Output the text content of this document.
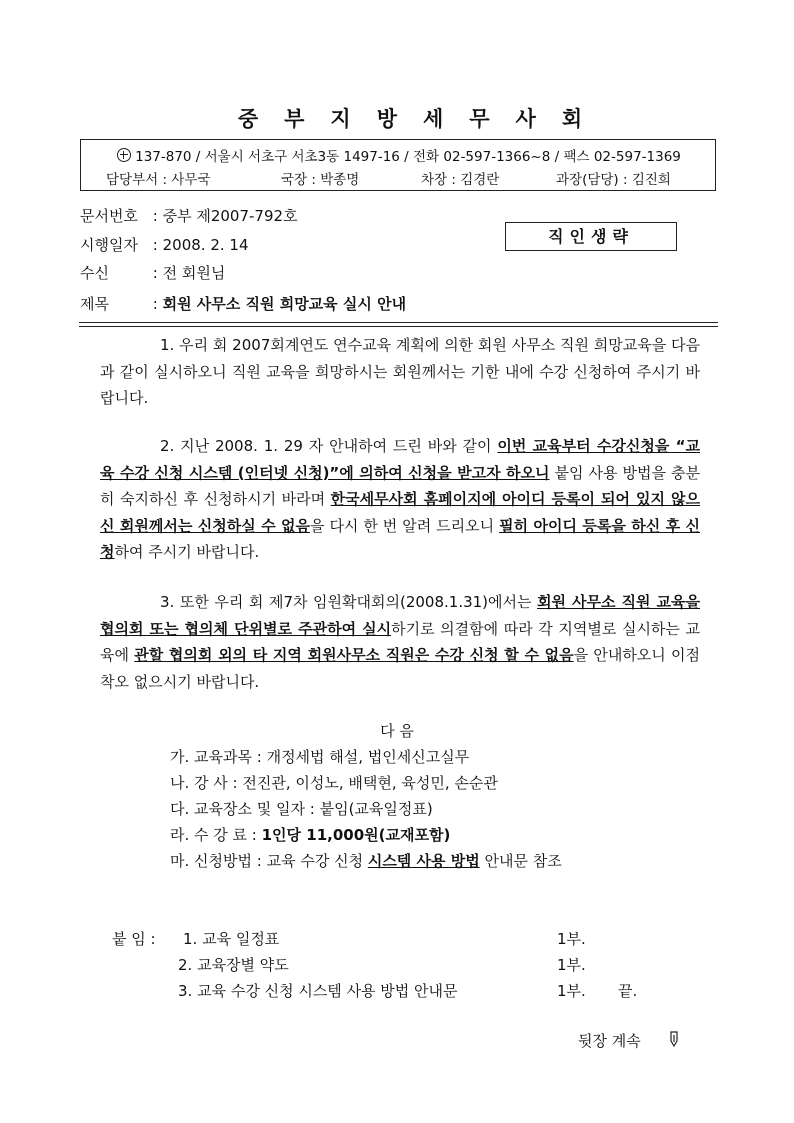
중부지방세무사회
137-870 / 서울시 서초구 서초3동 1497-16 / 전화 02-597-1366~8 / 팩스 02-597-1369
담당부서 : 사무국	국장 : 박종명	차장 : 김경란	과장(담당) : 김진희
문서번호 : 중부 제2007-792호
시행일자 : 2008. 2. 14	직인생략
수신	: 전 회원님
제목	: 회원 사무소 직원 희망교육 실시 안내
1. 우리 회 2007회계연도 연수교육 계획에 의한 회원 사무소 직원 희망교육을 다음과 같이 실시하오니 직원 교육을 희망하시는 회원께서는 기한 내에 수강 신청하여 주시기 바랍니다.
2. 지난 2008. 1. 29 자 안내하여 드린 바와 같이 이번 교육부터 수강신청을 “교육 수강 신청 시스템 (인터넷 신청)”에 의하여 신청을 받고자 하오니 붙임 사용 방법을 충분히 숙지하신 후 신청하시기 바라며 한국세무사회 홈페이지에 아이디 등록이 되어 있지 않으신 회원께서는 신청하실 수 없음을 다시 한 번 알려 드리오니 필히 아이디 등록을 하신 후 신청하여 주시기 바랍니다.
3. 또한 우리 회 제7차 임원확대회의(2008.1.31)에서는 회원 사무소 직원 교육을 협의회 또는 협의체 단위별로 주관하여 실시하기로 의결함에 따라 각 지역별로 실시하는 교육에 관할 협의회 외의 타 지역 회원사무소 직원은 수강 신청 할 수 없음을 안내하오니 이점 착오 없으시기 바랍니다.
다 음
가. 교육과목 : 개정세법 해설, 법인세신고실무
나. 강 사 : 전진관, 이성노, 배택현, 육성민, 손순관
다. 교육장소 및 일자 : 붙임(교육일정표)
라. 수 강 료 : 1인당 11,000원(교재포함)
마. 신청방법 : 교육 수강 신청 시스템 사용 방법 안내문 참조
붙 임 : 1. 교육 일정표	1부.
2. 교육장별 약도	1부.
3. 교육 수강 신청 시스템 사용 방법 안내문	1부. 끝.
뒷장 계속
